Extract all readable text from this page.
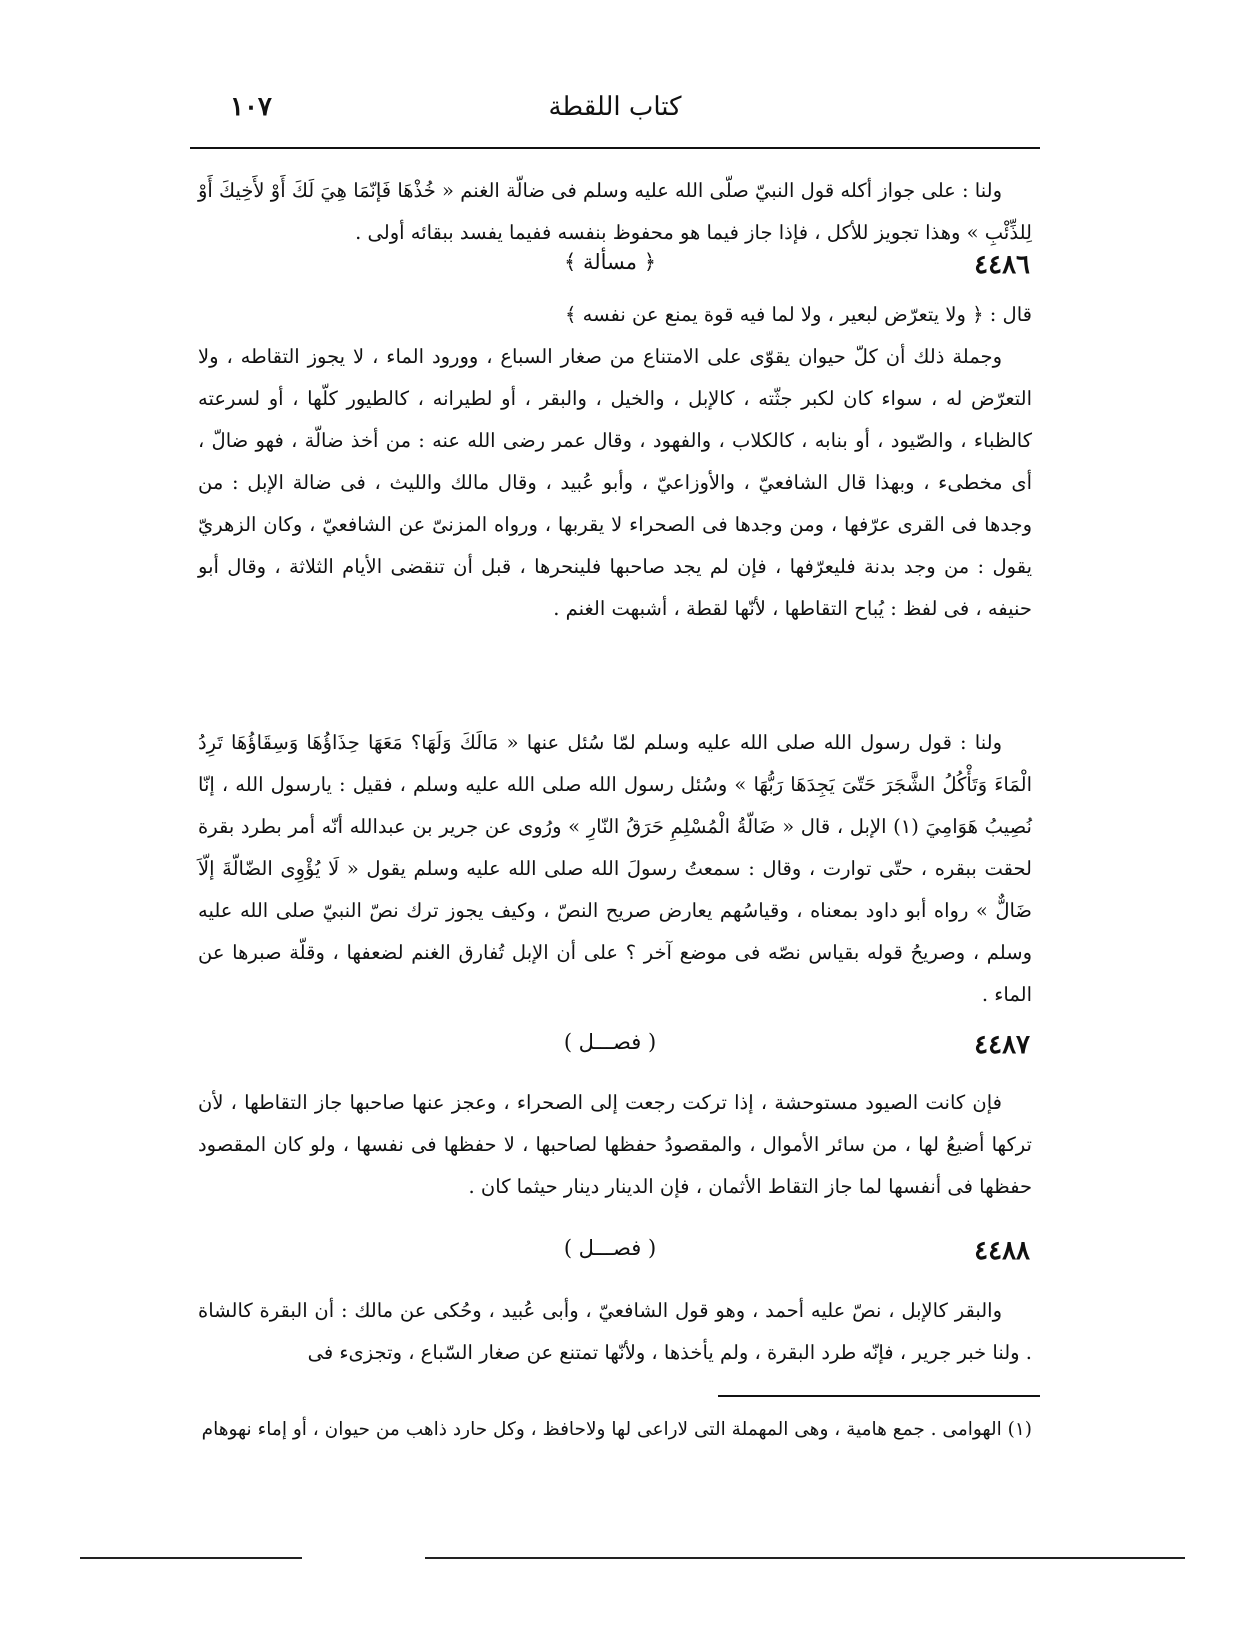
كتاب اللقطة
١٠٧

ولنا : على جواز أكله قول النبيّ صلّى الله عليه وسلم فى ضالّة الغنم « خُذْهَا فَإنّمَا هِيَ لَكَ أَوْ لأَخِيكَ أَوْ لِلذِّئْبِ » وهذا تجويز للأكل ، فإذا جاز فيما هو محفوظ بنفسه ففيما يفسد ببقائه أولى .

٤٤٨٦
﴿ مسألة ﴾

قال : ﴿ ولا يتعرّض لبعير ، ولا لما فيه قوة يمنع عن نفسه ﴾

وجملة ذلك أن كلّ حيوان يقوّى على الامتناع من صغار السباع ، وورود الماء ، لا يجوز التقاطه ، ولا التعرّض له ، سواء كان لكبر جثّته ، كالإبل ، والخيل ، والبقر ، أو لطيرانه ، كالطيور كلّها ، أو لسرعته كالظباء ، والصّيود ، أو بنابه ، كالكلاب ، والفهود ، وقال عمر رضى الله عنه : من أخذ ضالّة ، فهو ضالّ ، أى مخطىء ، وبهذا قال الشافعيّ ، والأوزاعيّ ، وأبو عُبيد ، وقال مالك والليث ، فى ضالة الإبل : من وجدها فى القرى عرّفها ، ومن وجدها فى الصحراء لا يقربها ، ورواه المزنىّ عن الشافعيّ ، وكان الزهريّ يقول : من وجد بدنة فليعرّفها ، فإن لم يجد صاحبها فلينحرها ، قبل أن تنقضى الأيام الثلاثة ، وقال أبو حنيفه ، فى لفظ : يُباح التقاطها ، لأنّها لقطة ، أشبهت الغنم .

ولنا : قول رسول الله صلى الله عليه وسلم لمّا سُئل عنها « مَالَكَ وَلَهَا؟ مَعَهَا حِذَاؤُهَا وَسِقَاؤُهَا تَرِدُ الْمَاءَ وَتَأْكُلُ الشَّجَرَ حَتّىَ يَجِدَهَا رَبُّهَا » وسُئل رسول الله صلى الله عليه وسلم ، فقيل : يارسول الله ، إنّا نُصِيبُ هَوَامِيَ (١) الإبل ، قال « ضَالّةُ الْمُسْلِمِ حَرَقُ النّارِ » ورُوى عن جرير بن عبدالله أنّه أمر بطرد بقرة لحقت ببقره ، حتّى توارت ، وقال : سمعتُ رسولَ الله صلى الله عليه وسلم يقول « لَا يُؤْوِى الضّالّةَ إلّاَ ضَالٌّ » رواه أبو داود بمعناه ، وقياسُهم يعارض صريح النصّ ، وكيف يجوز ترك نصّ النبيّ صلى الله عليه وسلم ، وصريحُ قوله بقياس نصّه فى موضع آخر ؟ على أن الإبل تُفارق الغنم لضعفها ، وقلّة صبرها عن الماء .

٤٤٨٧
( فصـــل )

فإن كانت الصيود مستوحشة ، إذا تركت رجعت إلى الصحراء ، وعجز عنها صاحبها جاز التقاطها ، لأن تركها أضيعُ لها ، من سائر الأموال ، والمقصودُ حفظها لصاحبها ، لا حفظها فى نفسها ، ولو كان المقصود حفظها فى أنفسها لما جاز التقاط الأثمان ، فإن الدينار دينار حيثما كان .

٤٤٨٨
( فصـــل )

والبقر كالإبل ، نصّ عليه أحمد ، وهو قول الشافعيّ ، وأبى عُبيد ، وحُكى عن مالك : أن البقرة كالشاة . ولنا خبر جرير ، فإنّه طرد البقرة ، ولم يأخذها ، ولأنّها تمتنع عن صغار السّباع ، وتجزىء فى

(١) الهوامى . جمع هامية ، وهى المهملة التى لاراعى لها ولاحافظ ، وكل حارد ذاهب من حيوان ، أو إماء نهوهام
